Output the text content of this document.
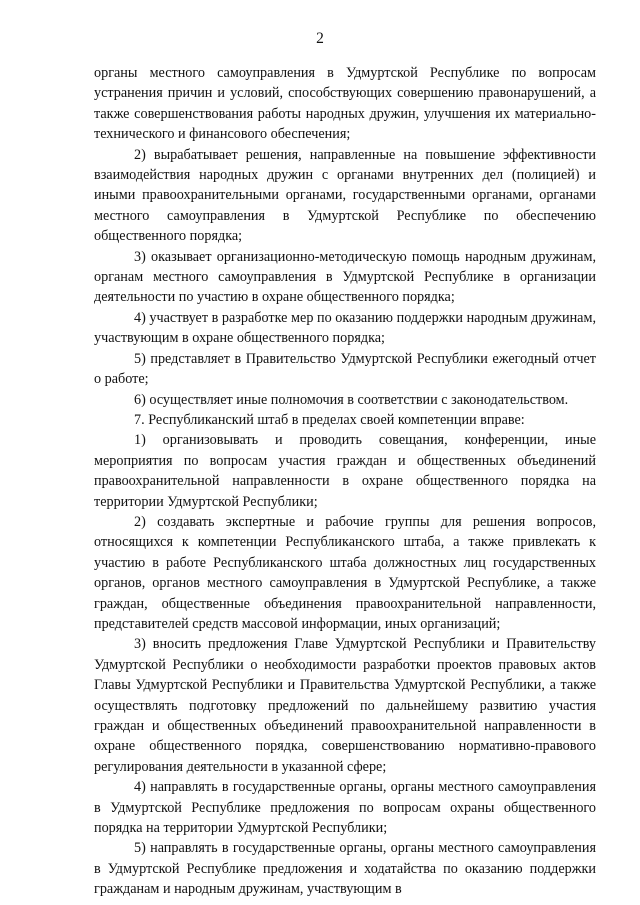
2

органы местного самоуправления в Удмуртской Республике по вопросам устранения причин и условий, способствующих совершению правонарушений, а также совершенствования работы народных дружин, улучшения их материально-технического и финансового обеспечения;

2) вырабатывает решения, направленные на повышение эффективности взаимодействия народных дружин с органами внутренних дел (полицией) и иными правоохранительными органами, государственными органами, органами местного самоуправления в Удмуртской Республике по обеспечению общественного порядка;

3) оказывает организационно-методическую помощь народным дружинам, органам местного самоуправления в Удмуртской Республике в организации деятельности по участию в охране общественного порядка;

4) участвует в разработке мер по оказанию поддержки народным дружинам, участвующим в охране общественного порядка;

5) представляет в Правительство Удмуртской Республики ежегодный отчет о работе;

6) осуществляет иные полномочия в соответствии с законодательством.

7. Республиканский штаб в пределах своей компетенции вправе:

1) организовывать и проводить совещания, конференции, иные мероприятия по вопросам участия граждан и общественных объединений правоохранительной направленности в охране общественного порядка на территории Удмуртской Республики;

2) создавать экспертные и рабочие группы для решения вопросов, относящихся к компетенции Республиканского штаба, а также привлекать к участию в работе Республиканского штаба должностных лиц государственных органов, органов местного самоуправления в Удмуртской Республике, а также граждан, общественные объединения правоохранительной направленности, представителей средств массовой информации, иных организаций;

3) вносить предложения Главе Удмуртской Республики и Правительству Удмуртской Республики о необходимости разработки проектов правовых актов Главы Удмуртской Республики и Правительства Удмуртской Республики, а также осуществлять подготовку предложений по дальнейшему развитию участия граждан и общественных объединений правоохранительной направленности в охране общественного порядка, совершенствованию нормативно-правового регулирования деятельности в указанной сфере;

4) направлять в государственные органы, органы местного самоуправления в Удмуртской Республике предложения по вопросам охраны общественного порядка на территории Удмуртской Республики;

5) направлять в государственные органы, органы местного самоуправления в Удмуртской Республике предложения и ходатайства по оказанию поддержки гражданам и народным дружинам, участвующим в
